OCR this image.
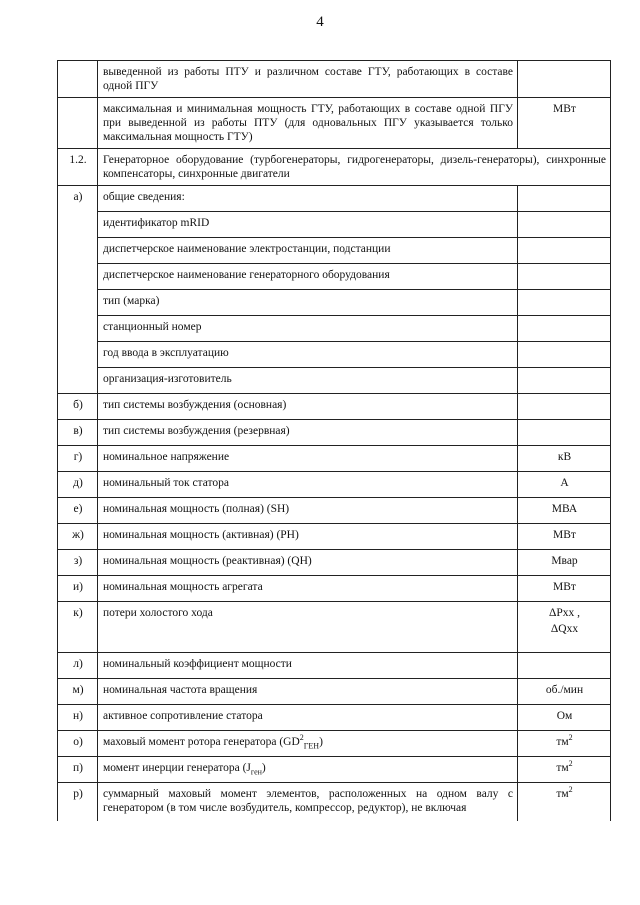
4
	выведенной из работы ПТУ и различном составе ГТУ, работающих в составе одной ПГУ	
	максимальная и минимальная мощность ГТУ, работающих в составе одной ПГУ при выведенной из работы ПТУ (для одновальных ПГУ указывается только максимальная мощность ГТУ)	МВт
1.2.	Генераторное оборудование (турбогенераторы, гидрогенераторы, дизель-генераторы), синхронные компенсаторы, синхронные двигатели	
а)	общие сведения:	
	идентификатор mRID	
	диспетчерское наименование электростанции, подстанции	
	диспетчерское наименование генераторного оборудования	
	тип (марка)	
	станционный номер	
	год ввода в эксплуатацию	
	организация-изготовитель	
б)	тип системы возбуждения (основная)	
в)	тип системы возбуждения (резервная)	
г)	номинальное напряжение	кВ
д)	номинальный ток статора	А
е)	номинальная мощность (полная) (SH)	МВА
ж)	номинальная мощность (активная) (PH)	МВт
з)	номинальная мощность (реактивная) (QH)	Мвар
и)	номинальная мощность агрегата	МВт
к)	потери холостого хода	ΔPxx ,
ΔQxx

л)	номинальный коэффициент мощности	
м)	номинальная частота вращения	об./мин
н)	активное сопротивление статора	Ом
о)	маховый момент ротора генератора $(GD^2_{ГЕН})$	$тм^2$
п)	момент инерции генератора $(J_{ген})$	$тм^2$
р)	суммарный маховый момент элементов, расположенных на одном валу с генератором (в том числе возбудитель, компрессор, редуктор), не включая	$тм^2$
